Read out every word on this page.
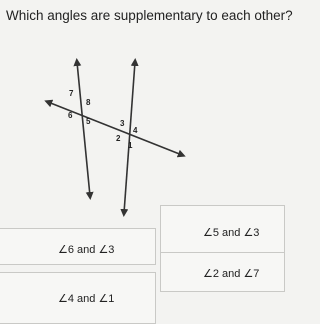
Which angles are supplementary to each other?
7
8
6
5	3
4
2
1
∠6 and ∠3
∠5 and ∠3
∠4 and ∠1
∠2 and ∠7
